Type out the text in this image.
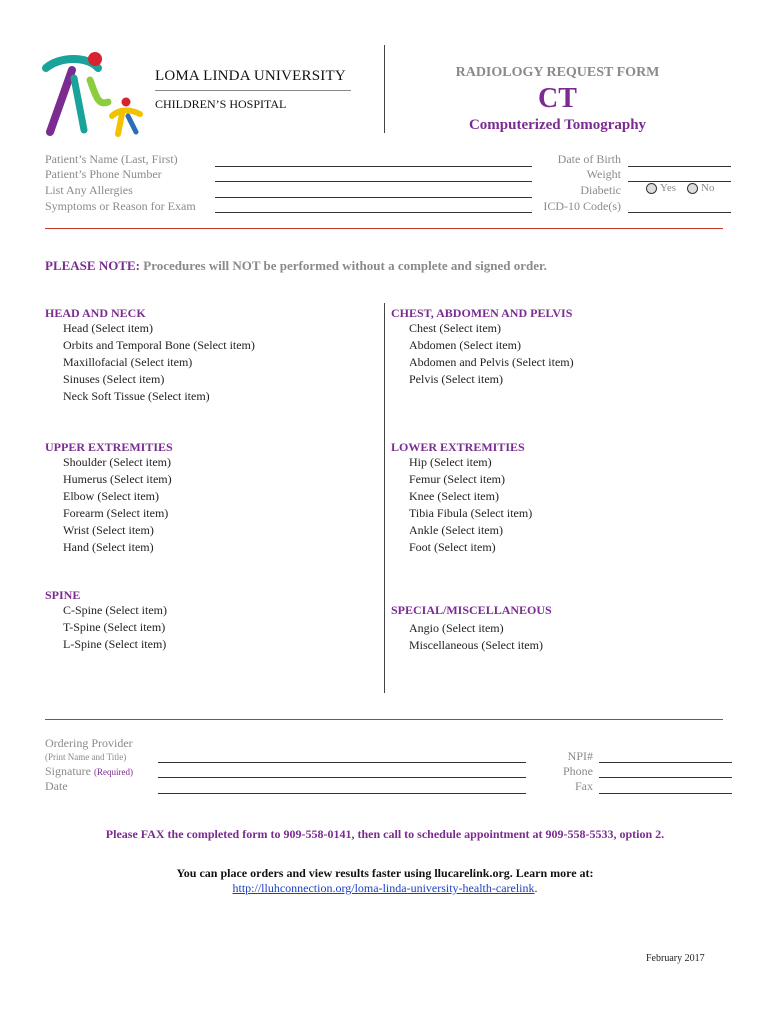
LOMA LINDA UNIVERSITY
CHILDREN’S HOSPITAL
RADIOLOGY REQUEST FORM
CT
Computerized Tomography
Patient’s Name (Last, First)
Patient’s Phone Number
List Any Allergies
Symptoms or Reason for Exam
Date of Birth
Weight
Diabetic	Yes No
ICD-10 Code(s)
PLEASE NOTE: Procedures will NOT be performed without a complete and signed order.
HEAD AND NECK
Head (Select item)
Orbits and Temporal Bone (Select item)
Maxillofacial (Select item)
Sinuses (Select item)
Neck Soft Tissue (Select item)
CHEST, ABDOMEN AND PELVIS
Chest (Select item)
Abdomen (Select item)
Abdomen and Pelvis (Select item)
Pelvis (Select item)
UPPER EXTREMITIES
Shoulder (Select item)
Humerus (Select item)
Elbow (Select item)
Forearm (Select item)
Wrist (Select item)
Hand (Select item)
LOWER EXTREMITIES
Hip (Select item)
Femur (Select item)
Knee (Select item)
Tibia Fibula (Select item)
Ankle (Select item)
Foot (Select item)
SPINE
C-Spine (Select item)
T-Spine (Select item)
L-Spine (Select item)
SPECIAL/MISCELLANEOUS
Angio (Select item)
Miscellaneous (Select item)
Ordering Provider
(Print Name and Title)
Signature (Required)
Date
NPI#
Phone
Fax
Please FAX the completed form to 909-558-0141, then call to schedule appointment at 909-558-5533, option 2.
You can place orders and view results faster using llucarelink.org. Learn more at:
http://lluhconnection.org/loma-linda-university-health-carelink.
February 2017
